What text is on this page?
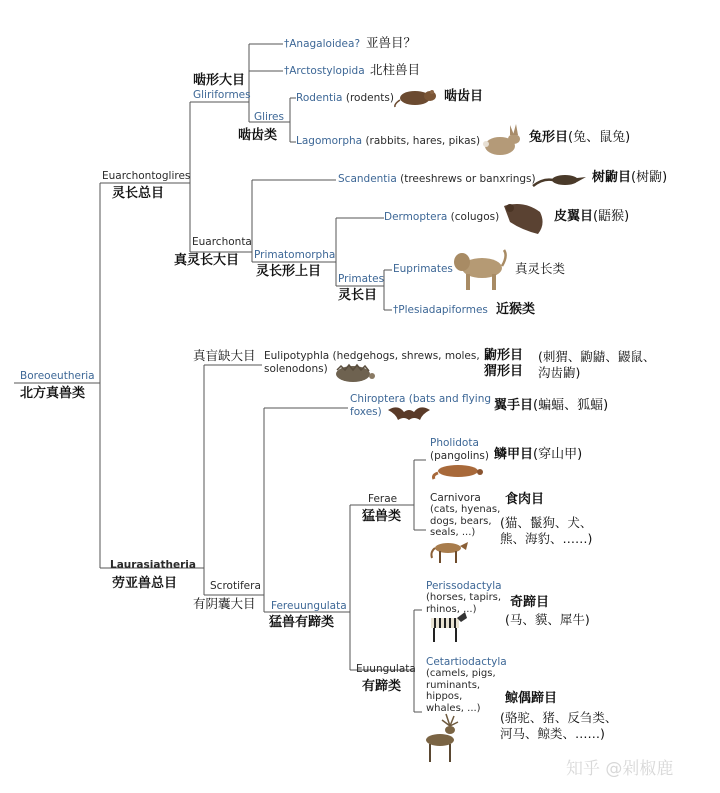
Boreoeutheria
北方真兽类
Euarchontoglires
灵长总目
啮形大目
Gliriformes
†Anagaloidea? 亚兽目？
†Arctostylopida 北柱兽目
Glires
啮齿类
Rodentia (rodents)	啮齿目
Lagomorpha (rabbits, hares, pikas)	兔形目(兔、鼠兔)
Scandentia (treeshrews or banxrings)	树鼩目(树鼩)
Euarchonta
真灵长大目
Dermoptera (colugos)	皮翼目(鼯猴)
Primatomorpha
灵长形上目 Primates
灵长目
Euprimates	真灵长类
†Plesiadapiformes 近猴类
真盲缺大目 Eulipotyphla (hedgehogs, shrews, moles,
solenodons)
鼩形目
猬形目
(刺猬、鼩鼱、鼹鼠、
沟齿鼩)
Chiroptera (bats and flying
foxes)	翼手目(蝙蝠、狐蝠)
Laurasiatheria
劳亚兽总目	Scrotifera
有阴囊大目 Fereuungulata
猛兽有蹄类
Ferae
猛兽类
Pholidota
(pangolins) 鳞甲目(穿山甲)
Carnivora
(cats, hyenas,
dogs, bears,
seals, ...)
食肉目
(猫、鬣狗、犬、
熊、海豹、……)
Euungulata
有蹄类
Perissodactyla
(horses, tapirs,
rhinos, ...)	奇蹄目
(马、貘、犀牛)
Cetartiodactyla
(camels, pigs,
ruminants,
hippos,
whales, ...)
鲸偶蹄目
(骆驼、猪、反刍类、
河马、鲸类、……)
知乎 @剁椒鹿
